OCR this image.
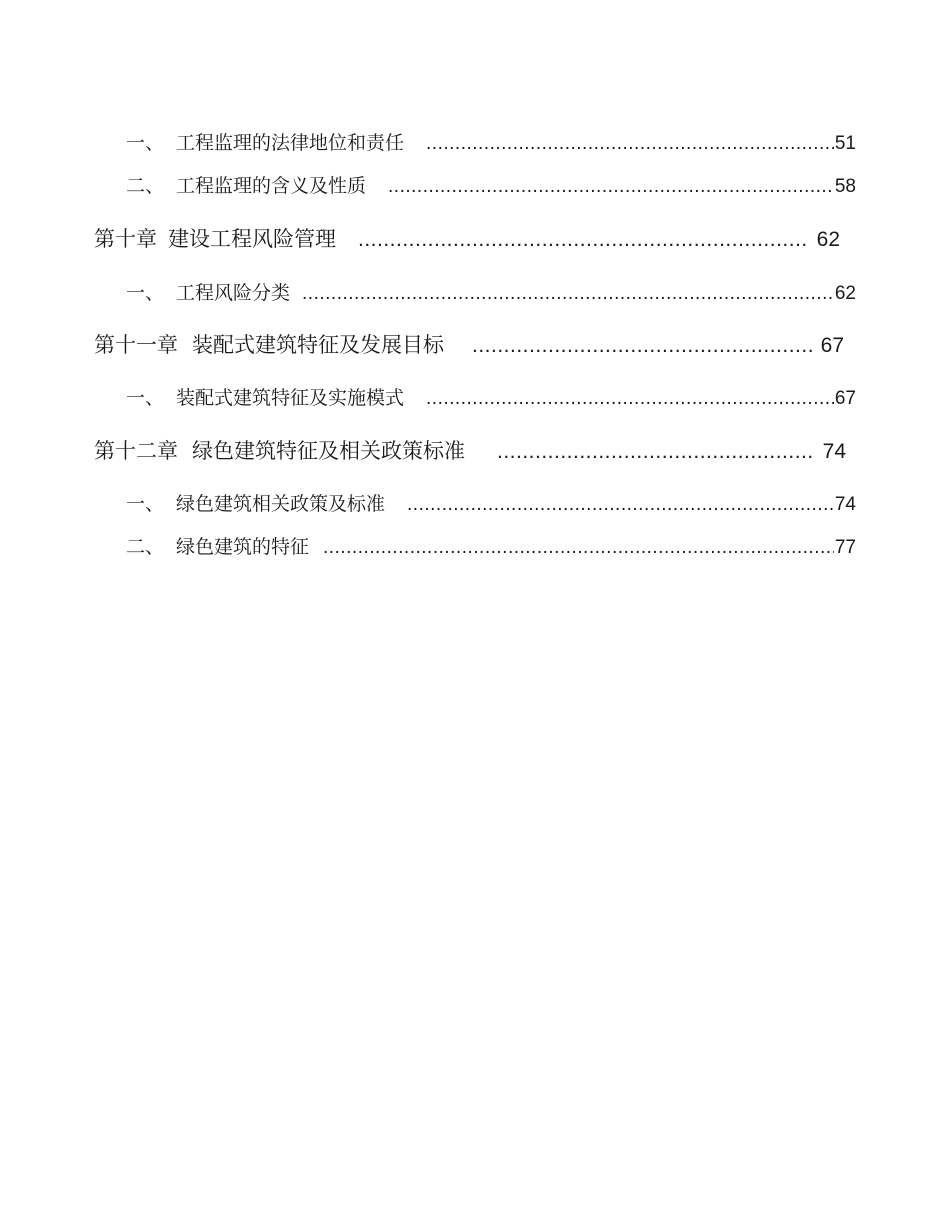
一、 工程监理的法律地位和责任 .....	51
二、 工程监理的含义及性质 .....	58
第十章 建设工程风险管理 .....	62
一、 工程风险分类 .....	62
第十一章 装配式建筑特征及发展目标 .....	67
一、 装配式建筑特征及实施模式 .....	67
第十二章 绿色建筑特征及相关政策标准 .....	74
一、 绿色建筑相关政策及标准 .....	74
二、 绿色建筑的特征 .....	77
